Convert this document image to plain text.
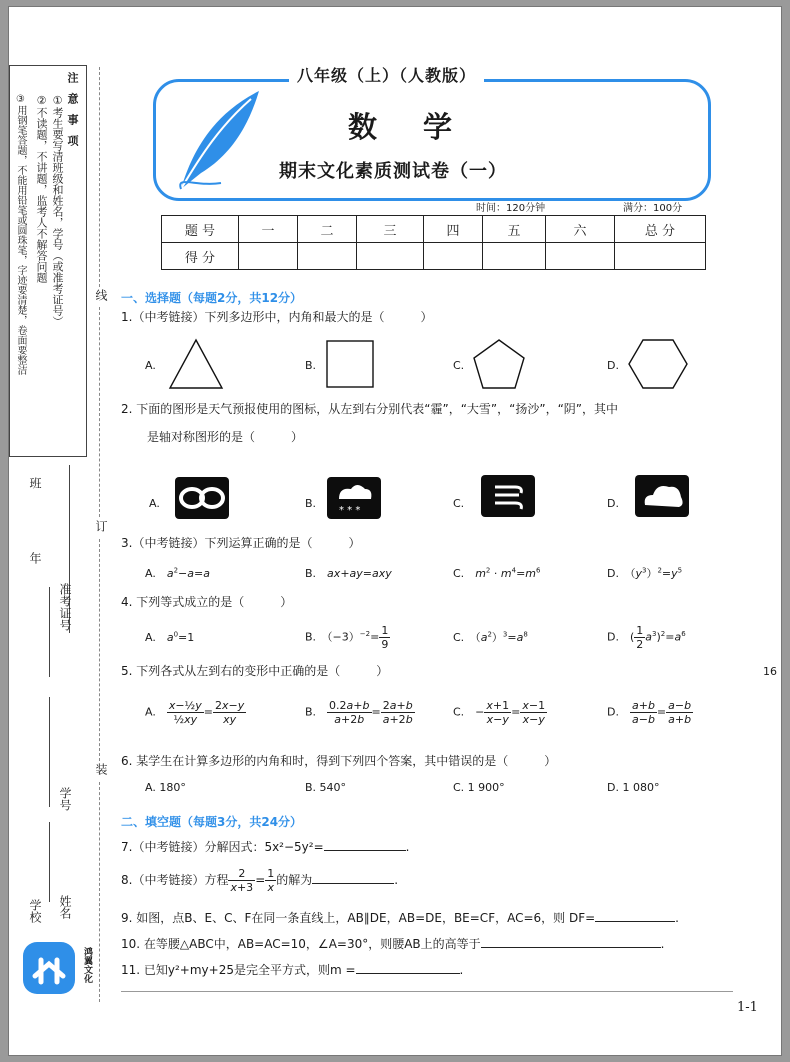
注意事项
①考生要写清班级和姓名，学号（或准考证号）
②不读题，不讲题，监考人不解答问题
③用钢笔答题，不能用铅笔或圆珠笔，字迹要清楚，卷面要整洁
班
年
准考证号
学号
学校 姓名
线
订
装
鸿翼文化
八年级（上）（人教版）
数 学
期末文化素质测试卷（一）
时间：120分钟	满分：100分
题 号	一	二	三	四	五	六	总 分
得 分							
一、选择题（每题2分，共12分）
1.（中考链接）下列多边形中，内角和最大的是（　　　）
A.	B.	C.	D.
2. 下面的图形是天气预报使用的图标，从左到右分别代表“霾”，“大雪”，“扬沙”，“阴”，其中
是轴对称图形的是（　　　）
A.	B.
* * *
C.	D.
3.（中考链接）下列运算正确的是（　　　）
A.　$a^2-a=a$	B.　ax+ay=axy	C.　$m^2 \cdot m^4=m^6$	D.　$(y^3)^2=y^5$
4. 下列等式成立的是（　　　）
A.　$a^0=1$	B.　$(-3)^{-2}= \frac{1}{9}$	C.　$(a^2)^3=a^8$	D.　( $\frac{1}{2} a^3)^2=a^6$
5. 下列各式从左到右的变形中正确的是（　　　）
A.　 $\frac{\text{x−½y}}{\text{½xy}} = \frac{2x-y}{xy}$	B.　 $\frac{0.2a+b}{a+2b} = \frac{2a+b}{a+2b}$	C.　− $\frac{x+1}{x-y} = \frac{x-1}{x-y}$	D.　 $\frac{a+b}{a-b} = \frac{a-b}{a+b}$
6. 某学生在计算多边形的内角和时，得到下列四个答案，其中错误的是（　　　）
A. 180°	B. 540°	C. 1 900°	D. 1 080°
二、填空题（每题3分，共24分）
7.（中考链接）分解因式：5x²−5y²=	.
8.（中考链接）方程 $\frac{2}{x+3} = \frac{1}{x}$ 的解为	.
9. 如图，点B、E、C、F在同一条直线上，AB∥DE，AB=DE，BE=CF，AC=6，则 DF=	.
10. 在等腰△ABC中，AB=AC=10，∠A=30°，则腰AB上的高等于	.
11. 已知y²+my+25是完全平方式，则m =	.
1-1
16
